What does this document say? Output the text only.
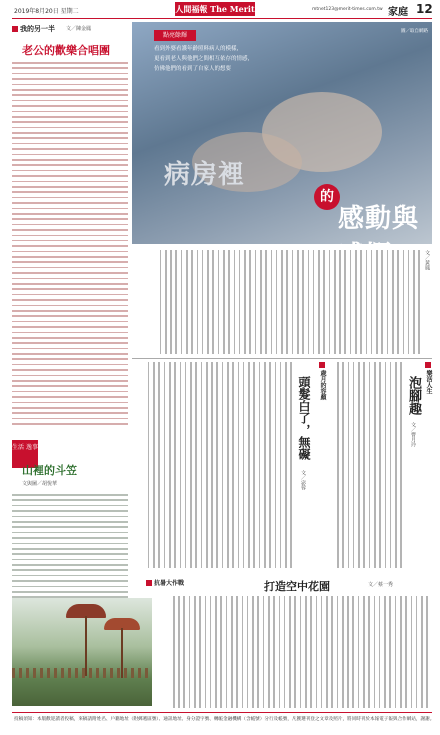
2019年8月20日 星期二	人間福報 The Merit	mtnet123@merit-times.com.tw 家庭 12
我的另一半 文／陳金鳳
老公的歡樂合唱團
生活 逸事
山裡的斗笠
文與圖／胡悅華
點亮餘輝
看到外婆看護年齡照料病人的模樣，
更看到老人與他們之間相互依存的情感，
仿佛他們的看到了自家人的想要
圖／取自網路
病房裡
的
感動與感慨	文／黃鳳
樂活人生
泡腳趣
文／曹月玲
歲月的容顏
頭髮白了，無礙
文／宓蓉
抗暑大作戰	打造空中花園	文／蔡一秀
投稿須知：本版歡迎讀者投稿，來稿請附姓名、戶籍地址（附郵遞區號）、通訊地址、身分證字號、轉帳金融機構（含帳號）分行及帳號，凡獲選刊登之文章及照片，將同時刊於本報電子報與合作網站，謝謝。
